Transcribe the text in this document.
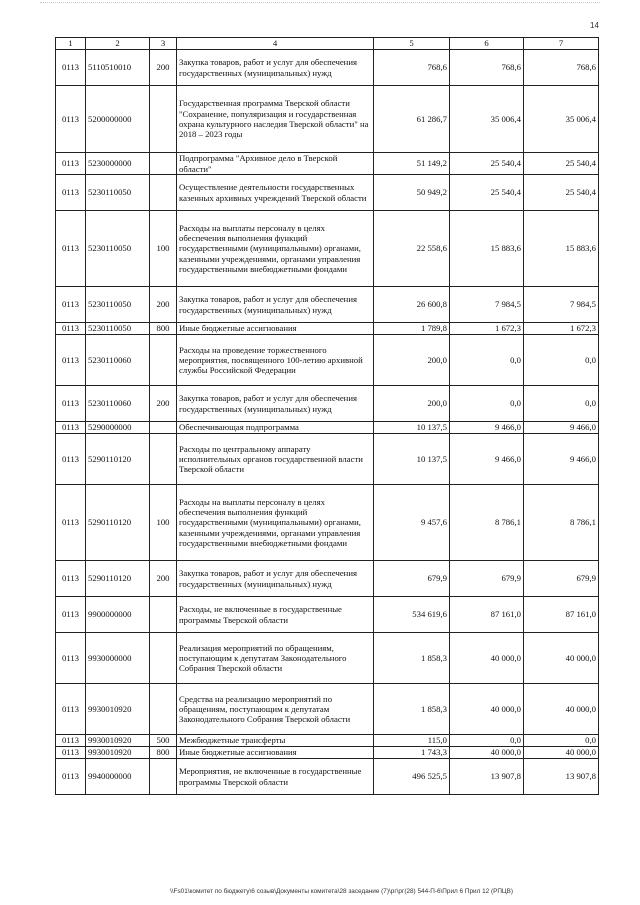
14
1	2	3	4	5	6	7
0113	5110510010	200	Закупка товаров, работ и услуг для обеспечения государственных (муниципальных) нужд	768,6	768,6	768,6
0113	5200000000		Государственная программа Тверской области "Сохранение, популяризация и государственная охрана культурного наследия Тверской области" на 2018 – 2023 годы	61 286,7	35 006,4	35 006,4
0113	5230000000		Подпрограмма "Архивное дело в Тверской области"	51 149,2	25 540,4	25 540,4
0113	5230110050		Осуществление деятельности государственных казенных архивных учреждений Тверской области	50 949,2	25 540,4	25 540,4
0113	5230110050	100	Расходы на выплаты персоналу в целях обеспечения выполнения функций государственными (муниципальными) органами, казенными учреждениями, органами управления государственными внебюджетными фондами	22 558,6	15 883,6	15 883,6
0113	5230110050	200	Закупка товаров, работ и услуг для обеспечения государственных (муниципальных) нужд	26 600,8	7 984,5	7 984,5
0113	5230110050	800	Иные бюджетные ассигнования	1 789,8	1 672,3	1 672,3
0113	5230110060		Расходы на проведение торжественного мероприятия, посвященного 100-летию архивной службы Российской Федерации	200,0	0,0	0,0
0113	5230110060	200	Закупка товаров, работ и услуг для обеспечения государственных (муниципальных) нужд	200,0	0,0	0,0
0113	5290000000		Обеспечивающая подпрограмма	10 137,5	9 466,0	9 466,0
0113	5290110120		Расходы по центральному аппарату исполнительных органов государственной власти Тверской области	10 137,5	9 466,0	9 466,0
0113	5290110120	100	Расходы на выплаты персоналу в целях обеспечения выполнения функций государственными (муниципальными) органами, казенными учреждениями, органами управления государственными внебюджетными фондами	9 457,6	8 786,1	8 786,1
0113	5290110120	200	Закупка товаров, работ и услуг для обеспечения государственных (муниципальных) нужд	679,9	679,9	679,9
0113	9900000000		Расходы, не включенные в государственные программы Тверской области	534 619,6	87 161,0	87 161,0
0113	9930000000		Реализация мероприятий по обращениям, поступающим к депутатам Законодательного Собрания Тверской области	1 858,3	40 000,0	40 000,0
0113	9930010920		Средства на реализацию мероприятий по обращениям, поступающим к депутатам Законодательного Собрания Тверской области	1 858,3	40 000,0	40 000,0
0113	9930010920	500	Межбюджетные трансферты	115,0	0,0	0,0
0113	9930010920	800	Иные бюджетные ассигнования	1 743,3	40 000,0	40 000,0
0113	9940000000		Мероприятия, не включенные в государственные программы Тверской области	496 525,5	13 907,8	13 907,8
\\Fs01\комитет по бюджету\6 созыв\Документы комитета\28 заседание (7)\рг\рг(28) 544-П-6\Прил 6 Прил 12 (РПЦВ)
